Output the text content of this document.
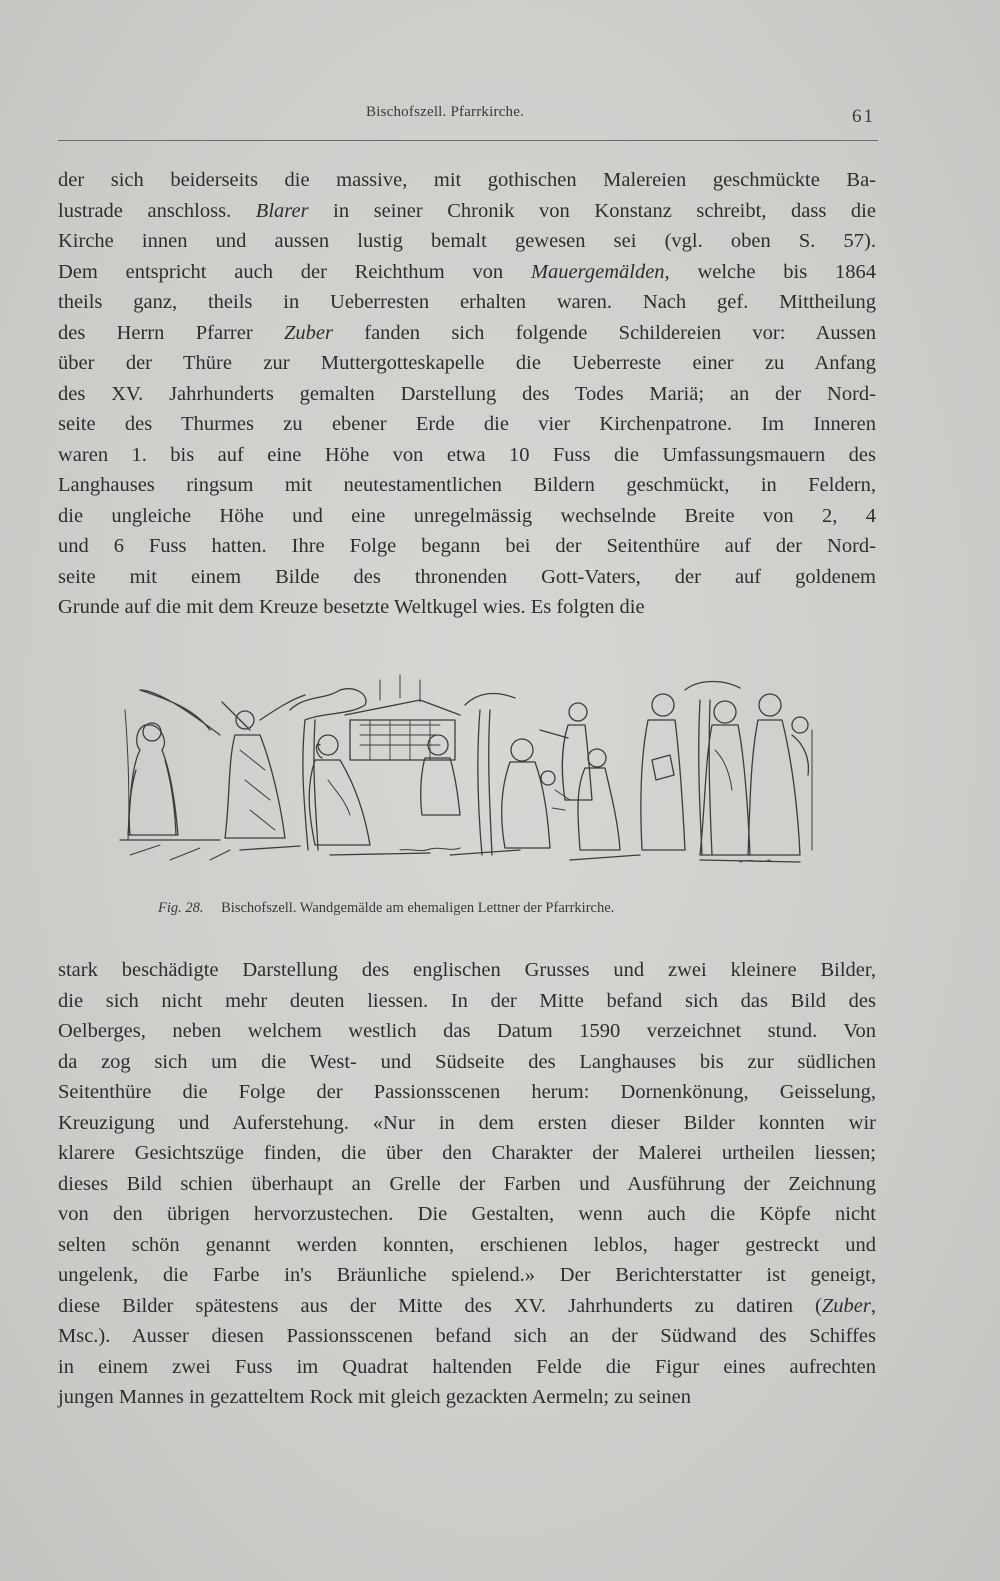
Bischofszell. Pfarrkirche.	61
der sich beiderseits die massive, mit gothischen Malereien geschmückte Ba-
lustrade anschloss. Blarer in seiner Chronik von Konstanz schreibt, dass die
Kirche innen und aussen lustig bemalt gewesen sei (vgl. oben S. 57).
Dem entspricht auch der Reichthum von Mauergemälden, welche bis 1864
theils ganz, theils in Ueberresten erhalten waren. Nach gef. Mittheilung
des Herrn Pfarrer Zuber fanden sich folgende Schildereien vor: Aussen
über der Thüre zur Muttergotteskapelle die Ueberreste einer zu Anfang
des XV. Jahrhunderts gemalten Darstellung des Todes Mariä; an der Nord-
seite des Thurmes zu ebener Erde die vier Kirchenpatrone. Im Inneren
waren 1. bis auf eine Höhe von etwa 10 Fuss die Umfassungsmauern des
Langhauses ringsum mit neutestamentlichen Bildern geschmückt, in Feldern,
die ungleiche Höhe und eine unregelmässig wechselnde Breite von 2, 4
und 6 Fuss hatten. Ihre Folge begann bei der Seitenthüre auf der Nord-
seite mit einem Bilde des thronenden Gott-Vaters, der auf goldenem
Grunde auf die mit dem Kreuze besetzte Weltkugel wies. Es folgten die
Fig. 28. Bischofszell. Wandgemälde am ehemaligen Lettner der Pfarrkirche.
stark beschädigte Darstellung des englischen Grusses und zwei kleinere Bilder,
die sich nicht mehr deuten liessen. In der Mitte befand sich das Bild des
Oelberges, neben welchem westlich das Datum 1590 verzeichnet stund. Von
da zog sich um die West- und Südseite des Langhauses bis zur südlichen
Seitenthüre die Folge der Passionsscenen herum: Dornenkönung, Geisselung,
Kreuzigung und Auferstehung. «Nur in dem ersten dieser Bilder konnten wir
klarere Gesichtszüge finden, die über den Charakter der Malerei urtheilen liessen;
dieses Bild schien überhaupt an Grelle der Farben und Ausführung der Zeichnung
von den übrigen hervorzustechen. Die Gestalten, wenn auch die Köpfe nicht
selten schön genannt werden konnten, erschienen leblos, hager gestreckt und
ungelenk, die Farbe in's Bräunliche spielend.» Der Berichterstatter ist geneigt,
diese Bilder spätestens aus der Mitte des XV. Jahrhunderts zu datiren (Zuber,
Msc.). Ausser diesen Passionsscenen befand sich an der Südwand des Schiffes
in einem zwei Fuss im Quadrat haltenden Felde die Figur eines aufrechten
jungen Mannes in gezatteltem Rock mit gleich gezackten Aermeln; zu seinen
